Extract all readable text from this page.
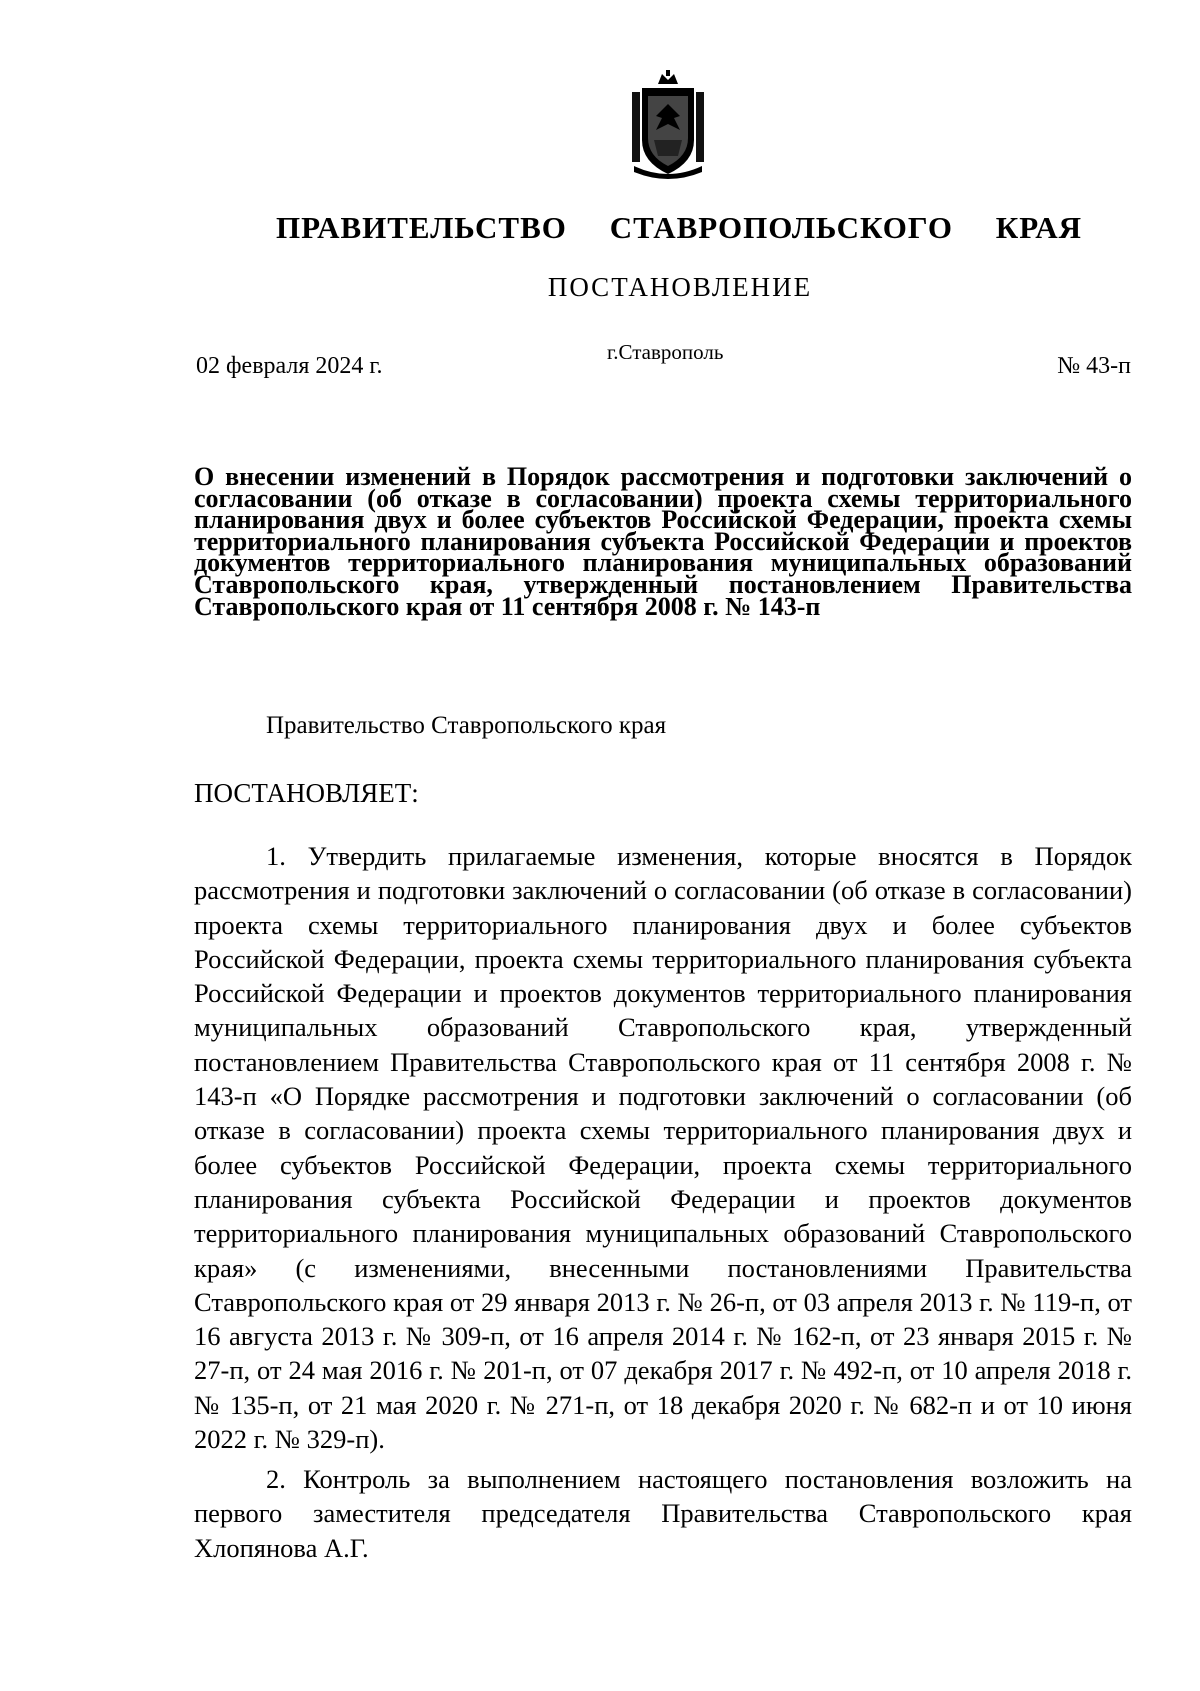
ПРАВИТЕЛЬСТВО СТАВРОПОЛЬСКОГО КРАЯ
ПОСТАНОВЛЕНИЕ
02 февраля 2024 г.
г.Ставрополь
№ 43-п
О внесении изменений в Порядок рассмотрения и подготовки заключений о согласовании (об отказе в согласовании) проекта схемы территориального планирования двух и более субъектов Российской Федерации, проекта схемы территориального планирования субъекта Российской Федерации и проектов документов территориального планирования муниципальных образований Ставропольского края, утвержденный постановлением Правительства Ставропольского края от 11 сентября 2008 г. № 143-п
Правительство Ставропольского края
ПОСТАНОВЛЯЕТ:
1. Утвердить прилагаемые изменения, которые вносятся в Порядок рассмотрения и подготовки заключений о согласовании (об отказе в согласовании) проекта схемы территориального планирования двух и более субъектов Российской Федерации, проекта схемы территориального планирования субъекта Российской Федерации и проектов документов территориального планирования муниципальных образований Ставропольского края, утвержденный постановлением Правительства Ставропольского края от 11 сентября 2008 г. № 143-п «О Порядке рассмотрения и подготовки заключений о согласовании (об отказе в согласовании) проекта схемы территориального планирования двух и более субъектов Российской Федерации, проекта схемы территориального планирования субъекта Российской Федерации и проектов документов территориального планирования муниципальных образований Ставропольского края» (с изменениями, внесенными постановлениями Правительства Ставропольского края от 29 января 2013 г. № 26-п, от 03 апреля 2013 г. № 119-п, от 16 августа 2013 г. № 309-п, от 16 апреля 2014 г. № 162-п, от 23 января 2015 г. № 27-п, от 24 мая 2016 г. № 201-п, от 07 декабря 2017 г. № 492-п, от 10 апреля 2018 г. № 135-п, от 21 мая 2020 г. № 271-п, от 18 декабря 2020 г. № 682-п и от 10 июня 2022 г. № 329-п).
2. Контроль за выполнением настоящего постановления возложить на первого заместителя председателя Правительства Ставропольского края Хлопянова А.Г.
